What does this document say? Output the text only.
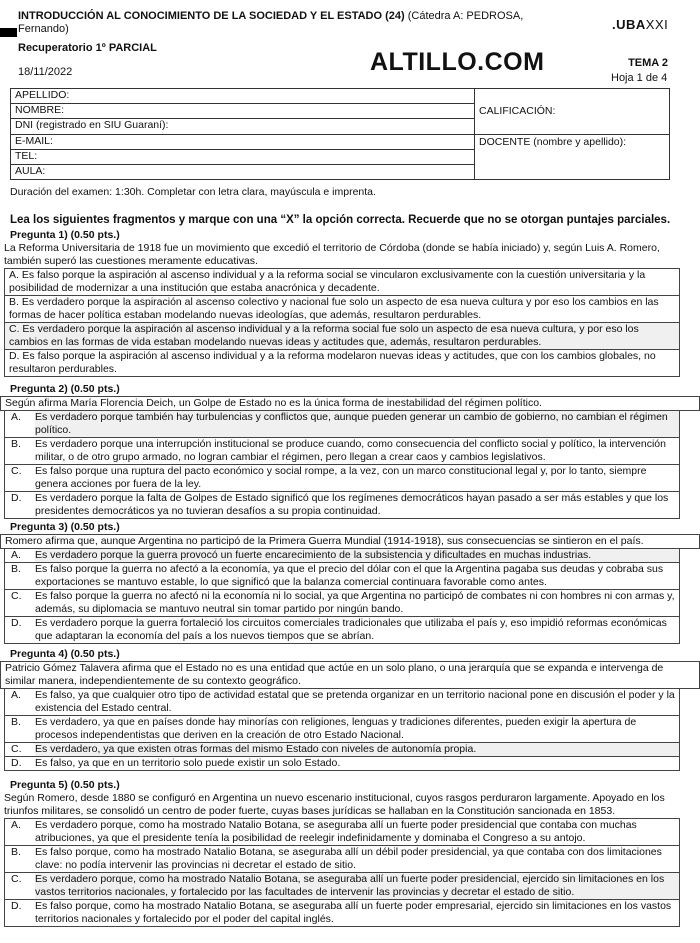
INTRODUCCIÓN AL CONOCIMIENTO DE LA SOCIEDAD Y EL ESTADO (24) (Cátedra A: PEDROSA, Fernando)
Recuperatorio 1º PARCIAL
18/11/2022
.UBAXXI
ALTILLO.COM	TEMA 2
Hoja 1 de 4
APELLIDO:	CALIFICACIÓN:
NOMBRE:	
DNI (registrado en SIU Guaraní):	
E-MAIL:	DOCENTE (nombre y apellido):
TEL:	
AULA:	
Duración del examen: 1:30h. Completar con letra clara, mayúscula e imprenta.
Lea los siguientes fragmentos y marque con una “X” la opción correcta. Recuerde que no se otorgan puntajes parciales.
Pregunta 1) (0.50 pts.)
La Reforma Universitaria de 1918 fue un movimiento que excedió el territorio de Córdoba (donde se había iniciado) y, según Luis A. Romero, también superó las cuestiones meramente educativas.
A. Es falso porque la aspiración al ascenso individual y a la reforma social se vincularon exclusivamente con la cuestión universitaria y la posibilidad de modernizar a una institución que estaba anacrónica y decadente.
B. Es verdadero porque la aspiración al ascenso colectivo y nacional fue solo un aspecto de esa nueva cultura y por eso los cambios en las formas de hacer política estaban modelando nuevas ideologías, que además, resultaron perdurables.
C. Es verdadero porque la aspiración al ascenso individual y a la reforma social fue solo un aspecto de esa nueva cultura, y por eso los cambios en las formas de vida estaban modelando nuevas ideas y actitudes que, además, resultaron perdurables.
D. Es falso porque la aspiración al ascenso individual y a la reforma modelaron nuevas ideas y actitudes, que con los cambios globales, no resultaron perdurables.
Pregunta 2) (0.50 pts.)
Según afirma María Florencia Deich, un Golpe de Estado no es la única forma de inestabilidad del régimen político.
A.	Es verdadero porque también hay turbulencias y conflictos que, aunque pueden generar un cambio de gobierno, no cambian el régimen político.
B.	Es verdadero porque una interrupción institucional se produce cuando, como consecuencia del conflicto social y político, la intervención militar, o de otro grupo armado, no logran cambiar el régimen, pero llegan a crear caos y cambios legislativos.
C.	Es falso porque una ruptura del pacto económico y social rompe, a la vez, con un marco constitucional legal y, por lo tanto, siempre genera acciones por fuera de la ley.
D.	Es verdadero porque la falta de Golpes de Estado significó que los regímenes democráticos hayan pasado a ser más estables y que los presidentes democráticos ya no tuvieran desafíos a su propia continuidad.
Pregunta 3) (0.50 pts.)
Romero afirma que, aunque Argentina no participó de la Primera Guerra Mundial (1914-1918), sus consecuencias se sintieron en el país.
A.	Es verdadero porque la guerra provocó un fuerte encarecimiento de la subsistencia y dificultades en muchas industrias.
B.	Es falso porque la guerra no afectó a la economía, ya que el precio del dólar con el que la Argentina pagaba sus deudas y cobraba sus exportaciones se mantuvo estable, lo que significó que la balanza comercial continuara favorable como antes.
C.	Es falso porque la guerra no afectó ni la economía ni lo social, ya que Argentina no participó de combates ni con hombres ni con armas y, además, su diplomacia se mantuvo neutral sin tomar partido por ningún bando.
D.	Es verdadero porque la guerra fortaleció los circuitos comerciales tradicionales que utilizaba el país y, eso impidió reformas económicas que adaptaran la economía del país a los nuevos tiempos que se abrían.
Pregunta 4) (0.50 pts.)
Patricio Gómez Talavera afirma que el Estado no es una entidad que actúe en un solo plano, o una jerarquía que se expanda e intervenga de similar manera, independientemente de su contexto geográfico.
A.	Es falso, ya que cualquier otro tipo de actividad estatal que se pretenda organizar en un territorio nacional pone en discusión el poder y la existencia del Estado central.
B.	Es verdadero, ya que en países donde hay minorías con religiones, lenguas y tradiciones diferentes, pueden exigir la apertura de procesos independentistas que deriven en la creación de otro Estado Nacional.
C.	Es verdadero, ya que existen otras formas del mismo Estado con niveles de autonomía propia.
D.	Es falso, ya que en un territorio solo puede existir un solo Estado.
Pregunta 5) (0.50 pts.)
Según Romero, desde 1880 se configuró en Argentina un nuevo escenario institucional, cuyos rasgos perduraron largamente. Apoyado en los triunfos militares, se consolidó un centro de poder fuerte, cuyas bases jurídicas se hallaban en la Constitución sancionada en 1853.
A.	Es verdadero porque, como ha mostrado Natalio Botana, se aseguraba allí un fuerte poder presidencial que contaba con muchas atribuciones, ya que el presidente tenía la posibilidad de reelegir indefinidamente y dominaba el Congreso a su antojo.
B.	Es falso porque, como ha mostrado Natalio Botana, se aseguraba allí un débil poder presidencial, ya que contaba con dos limitaciones clave: no podía intervenir las provincias ni decretar el estado de sitio.
C.	Es verdadero porque, como ha mostrado Natalio Botana, se aseguraba allí un fuerte poder presidencial, ejercido sin limitaciones en los vastos territorios nacionales, y fortalecido por las facultades de intervenir las provincias y decretar el estado de sitio.
D.	Es falso porque, como ha mostrado Natalio Botana, se aseguraba allí un fuerte poder empresarial, ejercido sin limitaciones en los vastos territorios nacionales y fortalecido por el poder del capital inglés.
